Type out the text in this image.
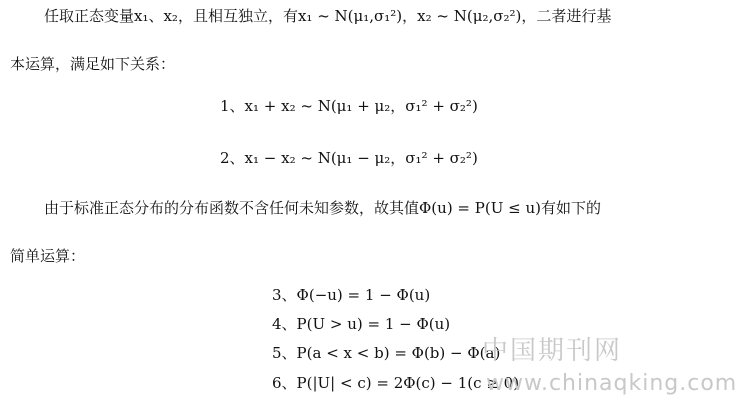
任取正态变量x₁、x₂，且相互独立，有x₁ ~ N(μ₁,σ₁²)，x₂ ~ N(μ₂,σ₂²)，二者进行基
本运算，满足如下关系：
1、x₁ + x₂ ~ N(μ₁ + μ₂，σ₁² + σ₂²)
2、x₁ − x₂ ~ N(μ₁ − μ₂，σ₁² + σ₂²)
由于标准正态分布的分布函数不含任何未知参数，故其值Φ(u) = P(U ≤ u)有如下的
简单运算：
3、Φ(−u) = 1 − Φ(u)
4、P(U > u) = 1 − Φ(u)
5、P(a < x < b) = Φ(b) − Φ(a)
6、P(|U| < c) = 2Φ(c) − 1(c ≥ 0)
中国期刊网
www.chinaqking.com
